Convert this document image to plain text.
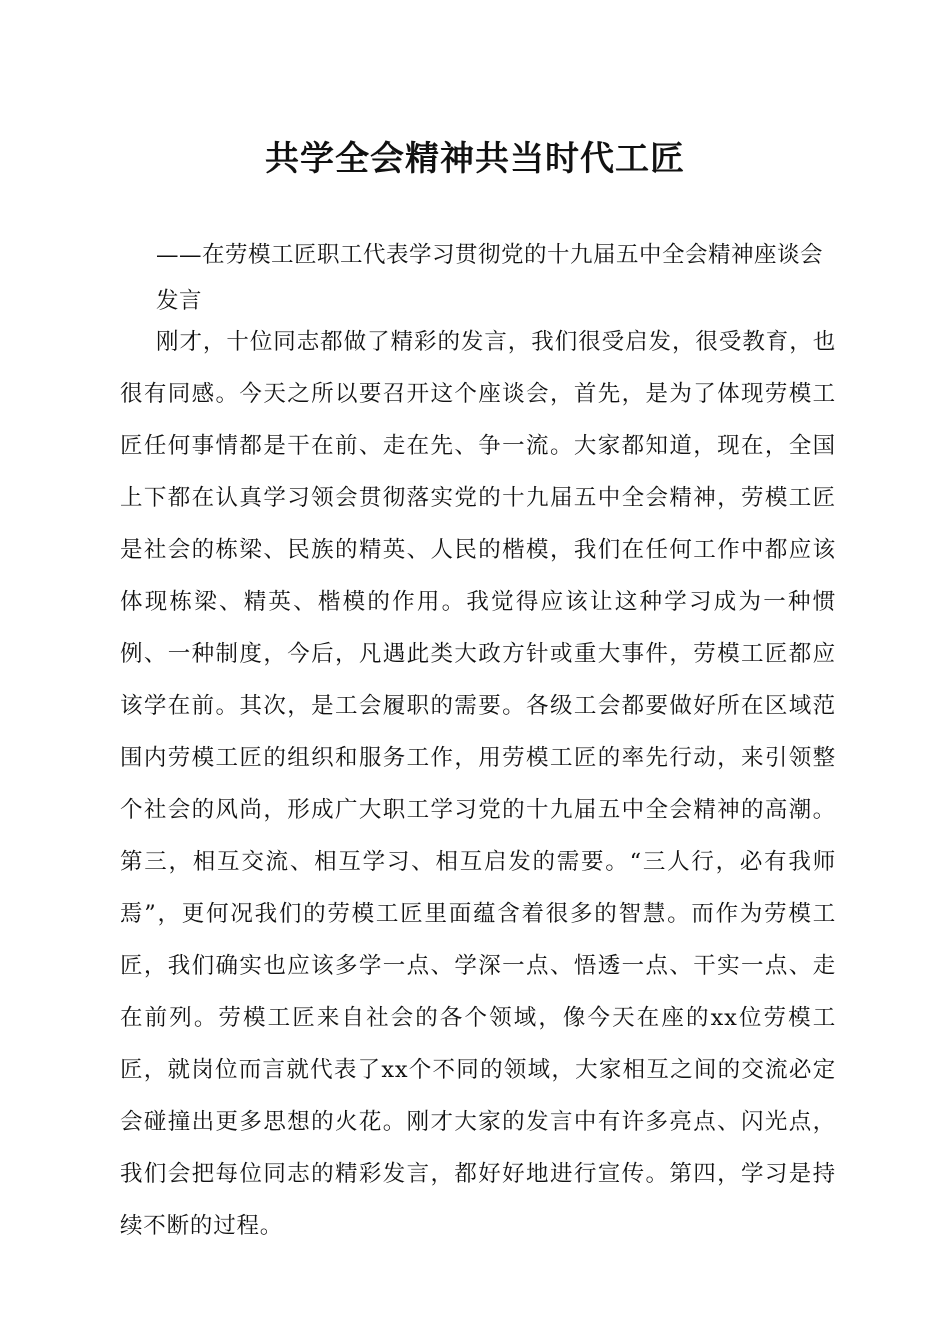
共学全会精神共当时代工匠

——在劳模工匠职工代表学习贯彻党的十九届五中全会精神座谈会发言

刚才，十位同志都做了精彩的发言，我们很受启发，很受教育，也很有同感。今天之所以要召开这个座谈会，首先，是为了体现劳模工匠任何事情都是干在前、走在先、争一流。大家都知道，现在，全国上下都在认真学习领会贯彻落实党的十九届五中全会精神，劳模工匠是社会的栋梁、民族的精英、人民的楷模，我们在任何工作中都应该体现栋梁、精英、楷模的作用。我觉得应该让这种学习成为一种惯例、一种制度，今后，凡遇此类大政方针或重大事件，劳模工匠都应该学在前。其次，是工会履职的需要。各级工会都要做好所在区域范围内劳模工匠的组织和服务工作，用劳模工匠的率先行动，来引领整个社会的风尚，形成广大职工学习党的十九届五中全会精神的高潮。第三，相互交流、相互学习、相互启发的需要。“三人行，必有我师焉”，更何况我们的劳模工匠里面蕴含着很多的智慧。而作为劳模工匠，我们确实也应该多学一点、学深一点、悟透一点、干实一点、走在前列。劳模工匠来自社会的各个领域，像今天在座的xx位劳模工匠，就岗位而言就代表了xx个不同的领域，大家相互之间的交流必定会碰撞出更多思想的火花。刚才大家的发言中有许多亮点、闪光点，我们会把每位同志的精彩发言，都好好地进行宣传。第四，学习是持续不断的过程。
